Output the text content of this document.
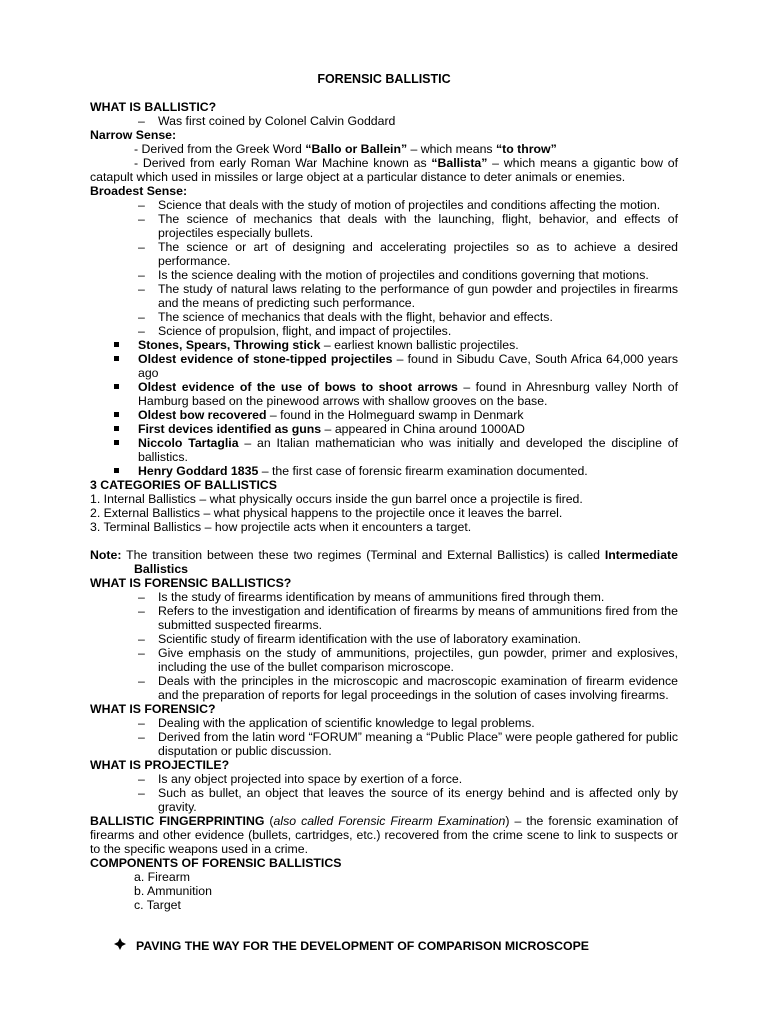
FORENSIC BALLISTIC
WHAT IS BALLISTIC?
– Was first coined by Colonel Calvin Goddard
Narrow Sense:
- Derived from the Greek Word “Ballo or Ballein” – which means “to throw”
- Derived from early Roman War Machine known as “Ballista” – which means a gigantic bow of catapult which used in missiles or large object at a particular distance to deter animals or enemies.
Broadest Sense:
– Science that deals with the study of motion of projectiles and conditions affecting the motion.
– The science of mechanics that deals with the launching, flight, behavior, and effects of projectiles especially bullets.
– The science or art of designing and accelerating projectiles so as to achieve a desired performance.
– Is the science dealing with the motion of projectiles and conditions governing that motions.
– The study of natural laws relating to the performance of gun powder and projectiles in firearms and the means of predicting such performance.
– The science of mechanics that deals with the flight, behavior and effects.
– Science of propulsion, flight, and impact of projectiles.
Stones, Spears, Throwing stick – earliest known ballistic projectiles.
Oldest evidence of stone-tipped projectiles – found in Sibudu Cave, South Africa 64,000 years ago
Oldest evidence of the use of bows to shoot arrows – found in Ahresnburg valley North of Hamburg based on the pinewood arrows with shallow grooves on the base.
Oldest bow recovered – found in the Holmeguard swamp in Denmark
First devices identified as guns – appeared in China around 1000AD
Niccolo Tartaglia – an Italian mathematician who was initially and developed the discipline of ballistics.
Henry Goddard 1835 – the first case of forensic firearm examination documented.
3 CATEGORIES OF BALLISTICS
1. Internal Ballistics – what physically occurs inside the gun barrel once a projectile is fired.
2. External Ballistics – what physical happens to the projectile once it leaves the barrel.
3. Terminal Ballistics – how projectile acts when it encounters a target.
Note: The transition between these two regimes (Terminal and External Ballistics) is called Intermediate Ballistics
WHAT IS FORENSIC BALLISTICS?
– Is the study of firearms identification by means of ammunitions fired through them.
– Refers to the investigation and identification of firearms by means of ammunitions fired from the submitted suspected firearms.
– Scientific study of firearm identification with the use of laboratory examination.
– Give emphasis on the study of ammunitions, projectiles, gun powder, primer and explosives, including the use of the bullet comparison microscope.
– Deals with the principles in the microscopic and macroscopic examination of firearm evidence and the preparation of reports for legal proceedings in the solution of cases involving firearms.
WHAT IS FORENSIC?
– Dealing with the application of scientific knowledge to legal problems.
– Derived from the latin word “FORUM” meaning a “Public Place” were people gathered for public disputation or public discussion.
WHAT IS PROJECTILE?
– Is any object projected into space by exertion of a force.
– Such as bullet, an object that leaves the source of its energy behind and is affected only by gravity.
BALLISTIC FINGERPRINTING (also called Forensic Firearm Examination) – the forensic examination of firearms and other evidence (bullets, cartridges, etc.) recovered from the crime scene to link to suspects or to the specific weapons used in a crime.
COMPONENTS OF FORENSIC BALLISTICS
a. Firearm
b. Ammunition
c. Target
PAVING THE WAY FOR THE DEVELOPMENT OF COMPARISON MICROSCOPE
